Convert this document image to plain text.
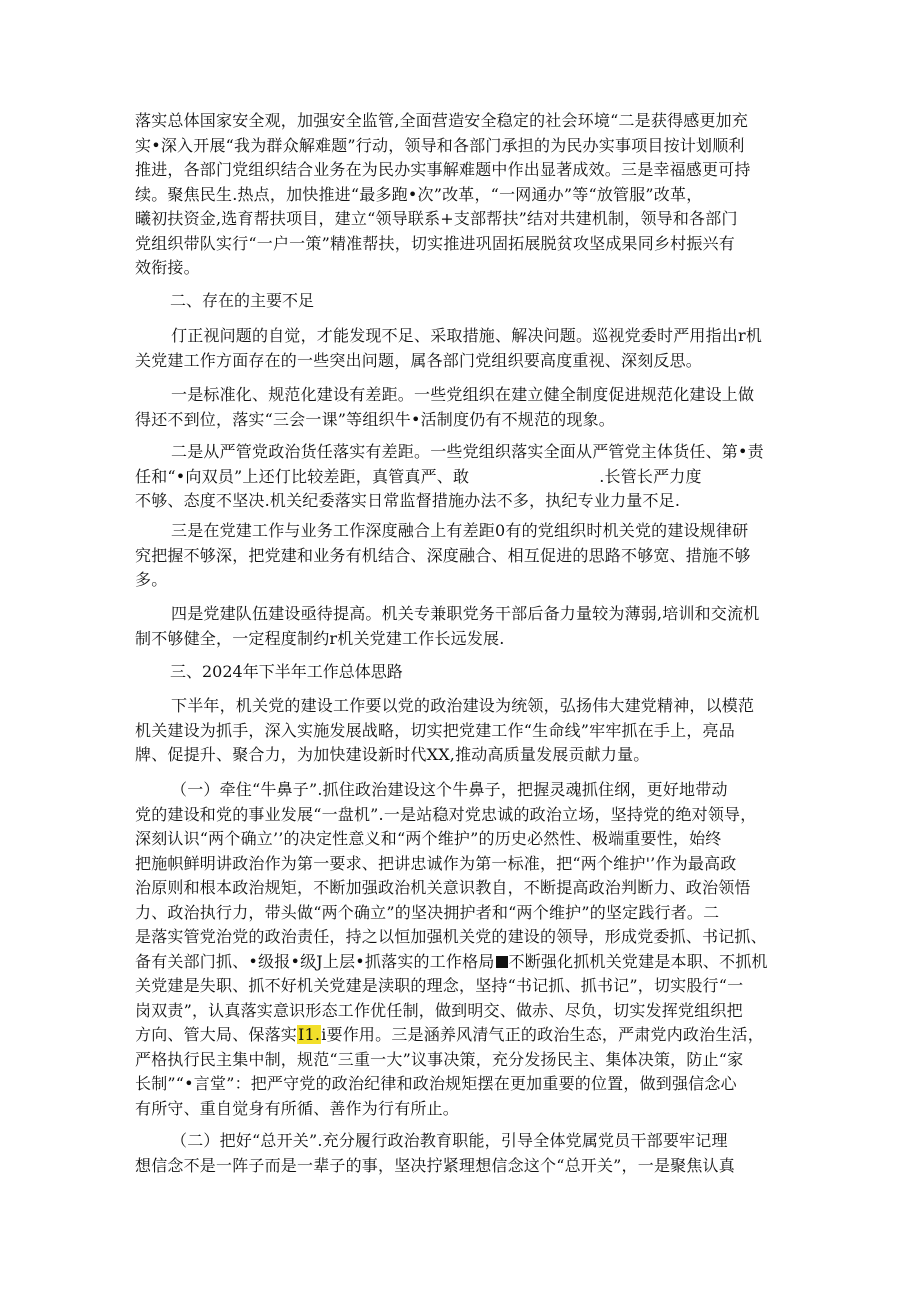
落实总体国家安全观，加强安全监管,全面营造安全稳定的社会环境“二是获得感更加充
实•深入开展“我为群众解难题”行动，领导和各部门承担的为民办实事项目按计划顺利
推进，各部门党组织结合业务在为民办实事解难题中作出显著成效。三是幸福感更可持
续。聚焦民生.热点，加快推进“最多跑•次”改革，“一网通办”等“放管服”改革，
曦初扶资金,选育帮扶项目，建立“领导联系+支部帮扶”结对共建机制，领导和各部门
党组织带队实行“一户一策”精准帮扶，切实推进巩固拓展脱贫攻坚成果同乡村振兴有
效衔接。
二、存在的主要不足
仃正视问题的自觉，才能发现不足、采取措施、解决问题。巡视党委时严用指出r机
关党建工作方面存在的一些突出问题，属各部门党组织要高度重视、深刻反思。
一是标准化、规范化建设有差距。一些党组织在建立健全制度促进规范化建设上做
得还不到位，落实“三会一课”等组织牛•活制度仍有不规范的现象。
二是从严管党政治货任落实有差距。一些党组织落实全面从严管党主体货任、第•责
任和“•向双员”上还仃比较差距，真管真严、敢	.长管长严力度
不够、态度不坚决.机关纪委落实日常监督措施办法不多，执纪专业力量不足.
三是在党建工作与业务工作深度融合上有差距0有的党组织时机关党的建设规律研
究把握不够深，把党建和业务有机结合、深度融合、相互促进的思路不够宽、措施不够
多。
四是党建队伍建设亟待提高。机关专兼职党务干部后备力量较为薄弱,培训和交流机
制不够健全，一定程度制约r机关党建工作长远发展.
三、2024年下半年工作总体思路
下半年，机关党的建设工作要以党的政治建设为统领，弘扬伟大建党精神，以模范
机关建设为抓手，深入实施发展战略，切实把党建工作“生命线”牢牢抓在手上，亮品
牌、促提升、聚合力，为加快建设新时代XX,推动高质量发展贡献力量。
（一）牵住“牛鼻子”.抓住政治建设这个牛鼻子，把握灵魂抓住纲，更好地带动
党的建设和党的事业发展“一盘机”.一是站稳对党忠诚的政治立场，坚持党的绝对领导，
深刻认识“两个确立’’的决定性意义和“两个维护”的历史必然性、极端重要性，始终
把施帜鲜明讲政治作为第一要求、把讲忠诚作为第一标准，把“两个维护'’作为最高政
治原则和根本政治规矩，不断加强政治机关意识教自，不断提高政治判断力、政治领悟
力、政治执行力，带头做“两个确立”的坚决拥护者和“两个维护”的坚定践行者。二
是落实管党治党的政治责任，持之以恒加强机关党的建设的领导，形成党委抓、书记抓、
备有关部门抓、•级报•级J上层•抓落实的工作格局 不断强化抓机关党建是本职、不抓机
关党建是失职、抓不好机关党建是渎职的理念，坚持“书记抓、抓书记”，切实股行“一
岗双责”，认真落实意识形态工作优任制，做到明交、做赤、尽负，切实发挥党组织把
方向、管大局、保落实I1.i要作用。三是涵养风清气正的政治生态，严肃党内政治生活，
严格执行民主集中制，规范“三重一大”议事决策，充分发扬民主、集体决策，防止“家
长制”“•言堂”：把严守党的政治纪律和政治规矩摆在更加重要的位置，做到强信念心
有所守、重自觉身有所循、善作为行有所止。
（二）把好“总开关”.充分履行政治教育职能，引导全体党属党员干部要牢记理
想信念不是一阵子而是一辈子的事，坚决拧紧理想信念这个“总开关”，一是聚焦认真
